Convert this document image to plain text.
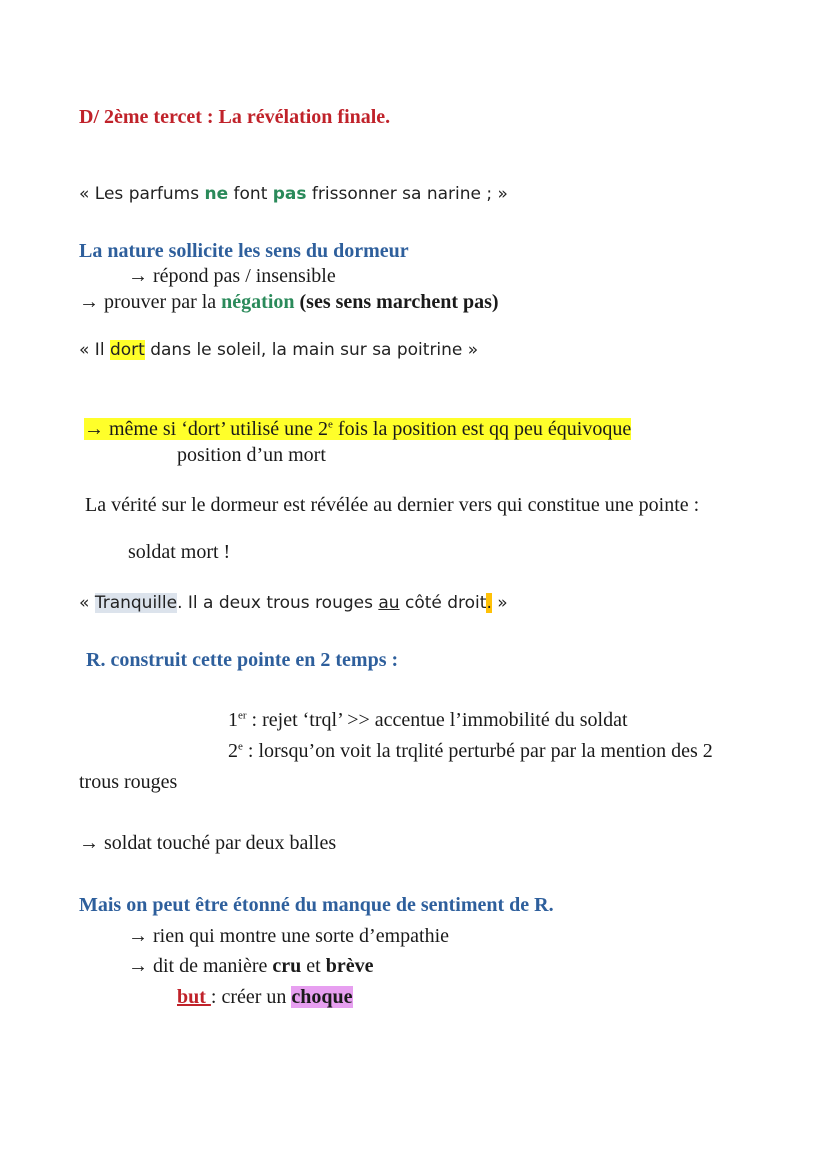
D/ 2ème tercet : La révélation finale.
« Les parfums ne font pas frissonner sa narine ; »
La nature sollicite les sens du dormeur
→ répond pas / insensible
→ prouver par la négation (ses sens marchent pas)
« Il dort dans le soleil, la main sur sa poitrine »
→ même si ‘dort’ utilisé une 2e fois la position est qq peu équivoque
position d’un mort
La vérité sur le dormeur est révélée au dernier vers qui constitue une pointe :
soldat mort !
« Tranquille. Il a deux trous rouges au côté droit. »
R. construit cette pointe en 2 temps :
1er : rejet ‘trql’ >> accentue l’immobilité du soldat
2e : lorsqu’on voit la trqlité perturbé par par la mention des 2
trous rouges
→ soldat touché par deux balles
Mais on peut être étonné du manque de sentiment de R.
→ rien qui montre une sorte d’empathie
→ dit de manière cru et brève
but : créer un choque
